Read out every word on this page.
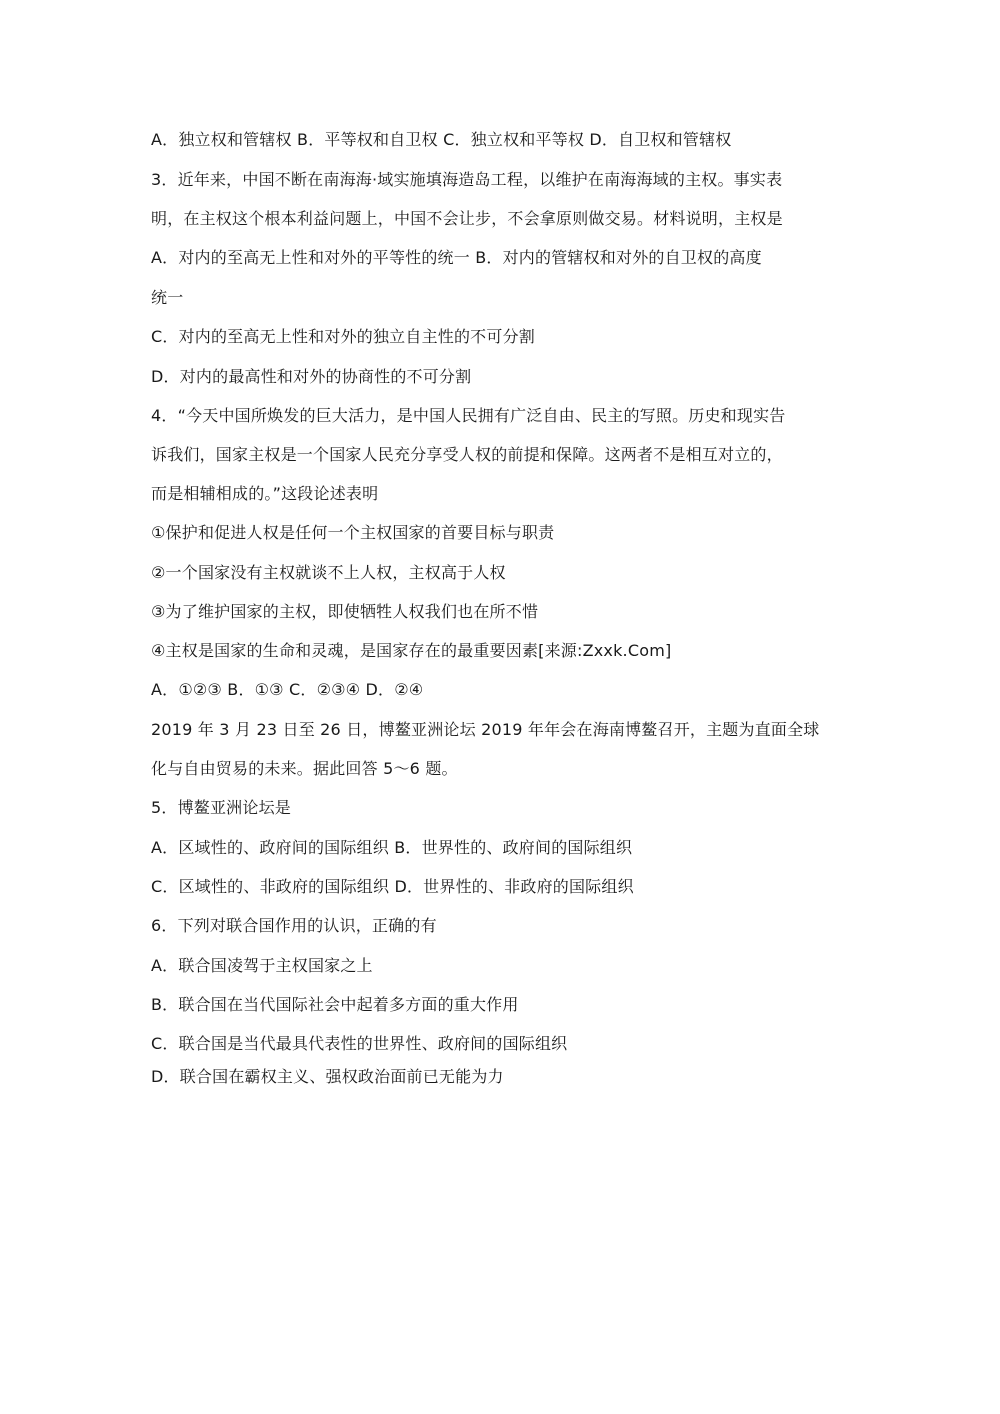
A．独立权和管辖权 B．平等权和自卫权 C．独立权和平等权 D．自卫权和管辖权
3．近年来，中国不断在南海海·域实施填海造岛工程，以维护在南海海域的主权。事实表
明，在主权这个根本利益问题上，中国不会让步，不会拿原则做交易。材料说明，主权是
A．对内的至高无上性和对外的平等性的统一 B．对内的管辖权和对外的自卫权的高度
统一
C．对内的至高无上性和对外的独立自主性的不可分割
D．对内的最高性和对外的协商性的不可分割
4．“今天中国所焕发的巨大活力，是中国人民拥有广泛自由、民主的写照。历史和现实告
诉我们，国家主权是一个国家人民充分享受人权的前提和保障。这两者不是相互对立的，
而是相辅相成的。”这段论述表明
①保护和促进人权是任何一个主权国家的首要目标与职责
②一个国家没有主权就谈不上人权，主权高于人权
③为了维护国家的主权，即使牺牲人权我们也在所不惜
④主权是国家的生命和灵魂，是国家存在的最重要因素[来源:Zxxk.Com]
A．①②③ B．①③ C．②③④ D．②④
2019 年 3 月 23 日至 26 日，博鳌亚洲论坛 2019 年年会在海南博鳌召开，主题为直面全球
化与自由贸易的未来。据此回答 5～6 题。
5．博鳌亚洲论坛是
A．区域性的、政府间的国际组织 B．世界性的、政府间的国际组织
C．区域性的、非政府的国际组织 D．世界性的、非政府的国际组织
6．下列对联合国作用的认识，正确的有
A．联合国凌驾于主权国家之上
B．联合国在当代国际社会中起着多方面的重大作用
C．联合国是当代最具代表性的世界性、政府间的国际组织
D．联合国在霸权主义、强权政治面前已无能为力
